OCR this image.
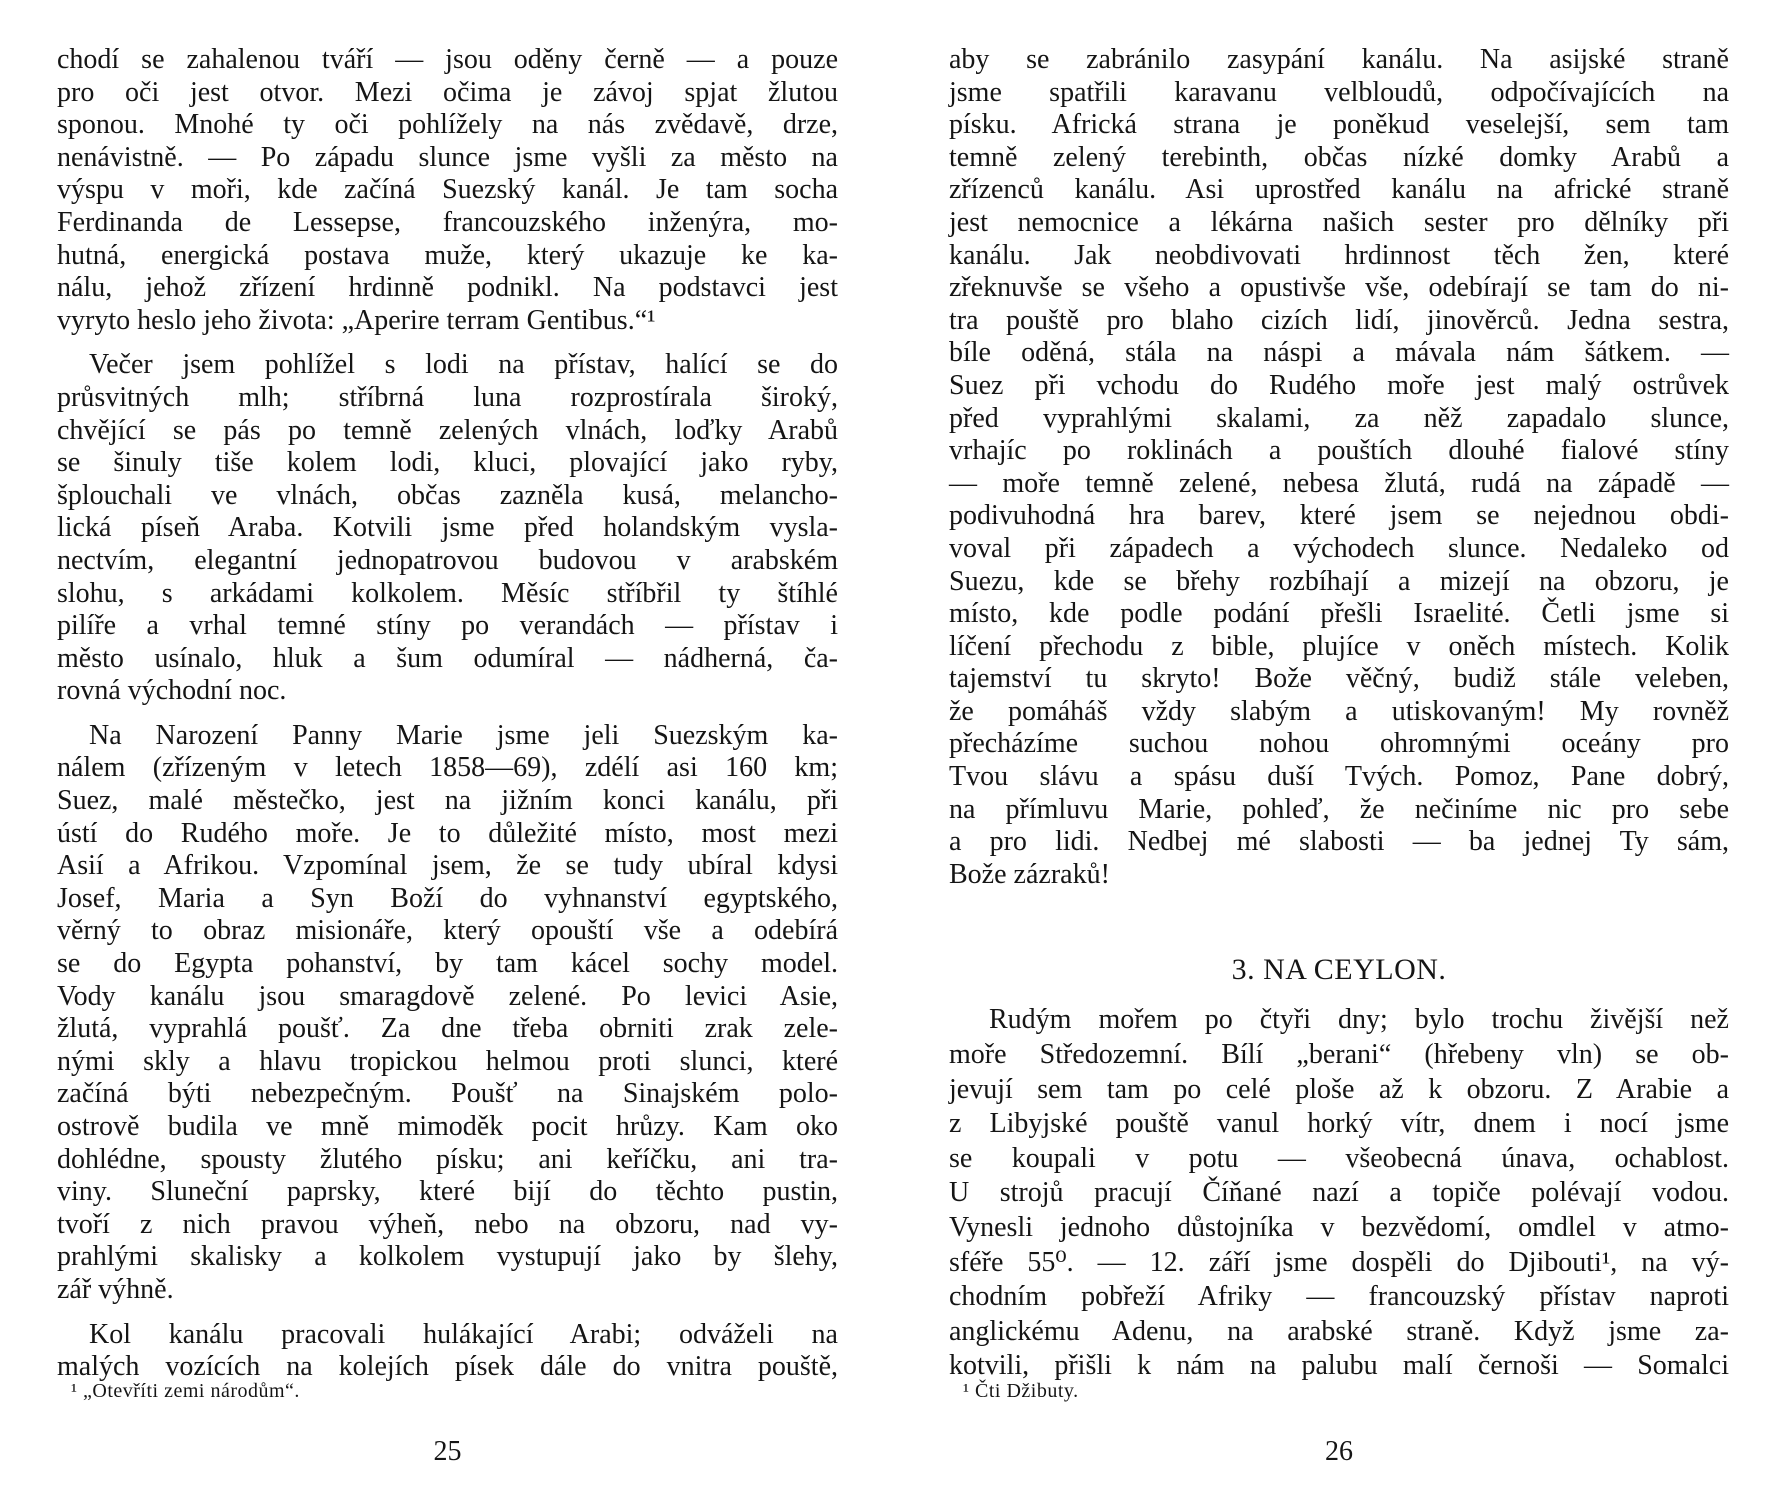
chodí se zahalenou tváří — jsou oděny černě — a pouze
pro oči jest otvor. Mezi očima je závoj spjat žlutou
sponou. Mnohé ty oči pohlížely na nás zvědavě, drze,
nenávistně. — Po západu slunce jsme vyšli za město na
výspu v moři, kde začíná Suezský kanál. Je tam socha
Ferdinanda de Lessepse, francouzského inženýra, mo-
hutná, energická postava muže, který ukazuje ke ka-
nálu, jehož zřízení hrdinně podnikl. Na podstavci jest
vyryto heslo jeho života: „Aperire terram Gentibus.“¹
Večer jsem pohlížel s lodi na přístav, halící se do
průsvitných mlh; stříbrná luna rozprostírala široký,
chvějící se pás po temně zelených vlnách, loďky Arabů
se šinuly tiše kolem lodi, kluci, plovající jako ryby,
šplouchali ve vlnách, občas zazněla kusá, melancho-
lická píseň Araba. Kotvili jsme před holandským vysla-
nectvím, elegantní jednopatrovou budovou v arabském
slohu, s arkádami kolkolem. Měsíc stříbřil ty štíhlé
pilíře a vrhal temné stíny po verandách — přístav i
město usínalo, hluk a šum odumíral — nádherná, ča-
rovná východní noc.
Na Narození Panny Marie jsme jeli Suezským ka-
nálem (zřízeným v letech 1858—69), zdélí asi 160 km;
Suez, malé městečko, jest na jižním konci kanálu, při
ústí do Rudého moře. Je to důležité místo, most mezi
Asií a Afrikou. Vzpomínal jsem, že se tudy ubíral kdysi
Josef, Maria a Syn Boží do vyhnanství egyptského,
věrný to obraz misionáře, který opouští vše a odebírá
se do Egypta pohanství, by tam kácel sochy model.
Vody kanálu jsou smaragdově zelené. Po levici Asie,
žlutá, vyprahlá poušť. Za dne třeba obrniti zrak zele-
nými skly a hlavu tropickou helmou proti slunci, které
začíná býti nebezpečným. Poušť na Sinajském polo-
ostrově budila ve mně mimoděk pocit hrůzy. Kam oko
dohlédne, spousty žlutého písku; ani keříčku, ani tra-
viny. Sluneční paprsky, které bijí do těchto pustin,
tvoří z nich pravou výheň, nebo na obzoru, nad vy-
prahlými skalisky a kolkolem vystupují jako by šlehy,
zář výhně.
Kol kanálu pracovali hulákající Arabi; odváželi na
malých vozících na kolejích písek dále do vnitra pouště,
¹ „Otevříti zemi národům“.
25
aby se zabránilo zasypání kanálu. Na asijské straně
jsme spatřili karavanu velbloudů, odpočívajících na
písku. Africká strana je poněkud veselejší, sem tam
temně zelený terebinth, občas nízké domky Arabů a
zřízenců kanálu. Asi uprostřed kanálu na africké straně
jest nemocnice a lékárna našich sester pro dělníky při
kanálu. Jak neobdivovati hrdinnost těch žen, které
zřeknuvše se všeho a opustivše vše, odebírají se tam do ni-
tra pouště pro blaho cizích lidí, jinověrců. Jedna sestra,
bíle oděná, stála na náspi a mávala nám šátkem. —
Suez při vchodu do Rudého moře jest malý ostrůvek
před vyprahlými skalami, za něž zapadalo slunce,
vrhajíc po roklinách a pouštích dlouhé fialové stíny
— moře temně zelené, nebesa žlutá, rudá na západě —
podivuhodná hra barev, které jsem se nejednou obdi-
voval při západech a východech slunce. Nedaleko od
Suezu, kde se břehy rozbíhají a mizejí na obzoru, je
místo, kde podle podání přešli Israelité. Četli jsme si
líčení přechodu z bible, plujíce v oněch místech. Kolik
tajemství tu skryto! Bože věčný, budiž stále veleben,
že pomáháš vždy slabým a utiskovaným! My rovněž
přecházíme suchou nohou ohromnými oceány pro
Tvou slávu a spásu duší Tvých. Pomoz, Pane dobrý,
na přímluvu Marie, pohleď, že nečiníme nic pro sebe
a pro lidi. Nedbej mé slabosti — ba jednej Ty sám,
Bože zázraků!
3. NA CEYLON.
Rudým mořem po čtyři dny; bylo trochu živější než
moře Středozemní. Bílí „berani“ (hřebeny vln) se ob-
jevují sem tam po celé ploše až k obzoru. Z Arabie a
z Libyjské pouště vanul horký vítr, dnem i nocí jsme
se koupali v potu — všeobecná únava, ochablost.
U strojů pracují Číňané nazí a topiče polévají vodou.
Vynesli jednoho důstojníka v bezvědomí, omdlel v atmo-
sféře 55⁰. — 12. září jsme dospěli do Djibouti¹, na vý-
chodním pobřeží Afriky — francouzský přístav naproti
anglickému Adenu, na arabské straně. Když jsme za-
kotvili, přišli k nám na palubu malí černoši — Somalci
¹ Čti Džibuty.
26
